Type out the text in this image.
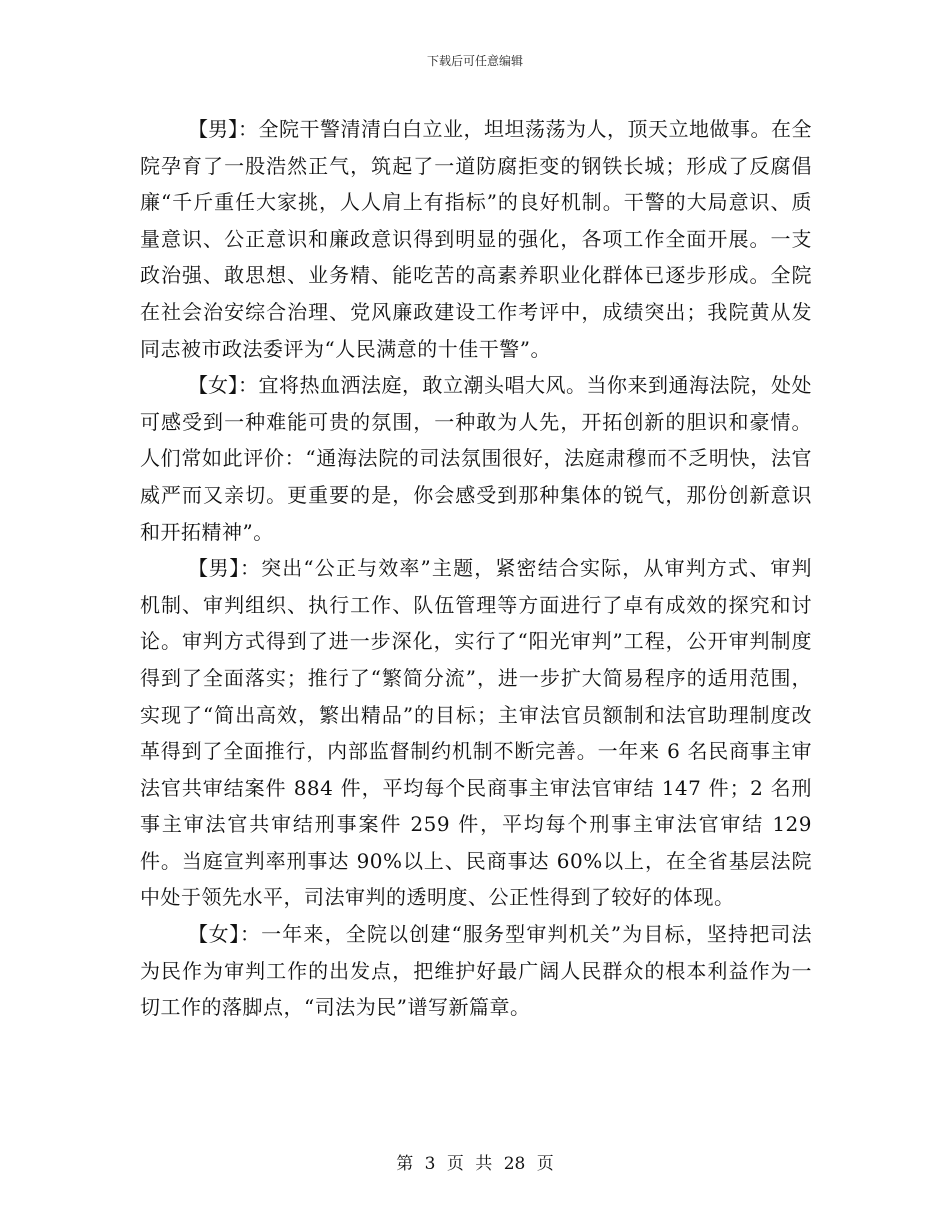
下载后可任意编辑

【男】：全院干警清清白白立业，坦坦荡荡为人，顶天立地做事。在全院孕育了一股浩然正气，筑起了一道防腐拒变的钢铁长城；形成了反腐倡廉“千斤重任大家挑，人人肩上有指标”的良好机制。干警的大局意识、质量意识、公正意识和廉政意识得到明显的强化，各项工作全面开展。一支政治强、敢思想、业务精、能吃苦的高素养职业化群体已逐步形成。全院在社会治安综合治理、党风廉政建设工作考评中，成绩突出；我院黄从发同志被市政法委评为“人民满意的十佳干警”。

【女】：宜将热血洒法庭，敢立潮头唱大风。当你来到通海法院，处处可感受到一种难能可贵的氛围，一种敢为人先，开拓创新的胆识和豪情。人们常如此评价：“通海法院的司法氛围很好，法庭肃穆而不乏明快，法官威严而又亲切。更重要的是，你会感受到那种集体的锐气，那份创新意识和开拓精神”。

【男】：突出“公正与效率”主题，紧密结合实际，从审判方式、审判机制、审判组织、执行工作、队伍管理等方面进行了卓有成效的探究和讨论。审判方式得到了进一步深化，实行了“阳光审判”工程，公开审判制度得到了全面落实；推行了“繁简分流”，进一步扩大简易程序的适用范围，实现了“简出高效，繁出精品”的目标；主审法官员额制和法官助理制度改革得到了全面推行，内部监督制约机制不断完善。一年来 6 名民商事主审法官共审结案件 884 件，平均每个民商事主审法官审结 147 件；2 名刑事主审法官共审结刑事案件 259 件，平均每个刑事主审法官审结 129 件。当庭宣判率刑事达 90%以上、民商事达 60%以上，在全省基层法院中处于领先水平，司法审判的透明度、公正性得到了较好的体现。

【女】：一年来，全院以创建“服务型审判机关”为目标，坚持把司法为民作为审判工作的出发点，把维护好最广阔人民群众的根本利益作为一切工作的落脚点，“司法为民”谱写新篇章。

第 3 页 共 28 页
